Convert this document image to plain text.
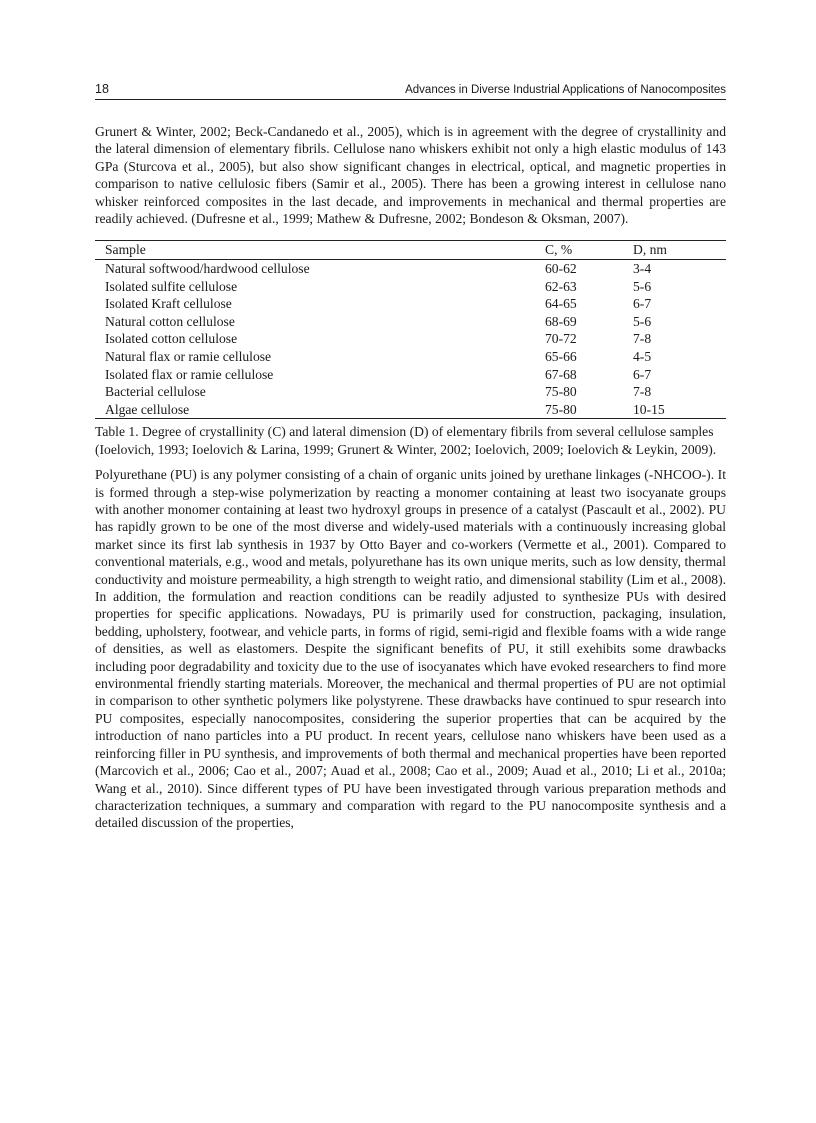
18	Advances in Diverse Industrial Applications of Nanocomposites

Grunert & Winter, 2002; Beck-Candanedo et al., 2005), which is in agreement with the degree of crystallinity and the lateral dimension of elementary fibrils. Cellulose nano whiskers exhibit not only a high elastic modulus of 143 GPa (Sturcova et al., 2005), but also show significant changes in electrical, optical, and magnetic properties in comparison to native cellulosic fibers (Samir et al., 2005). There has been a growing interest in cellulose nano whisker reinforced composites in the last decade, and improvements in mechanical and thermal properties are readily achieved. (Dufresne et al., 1999; Mathew & Dufresne, 2002; Bondeson & Oksman, 2007).

Sample	C, %	D, nm
Natural softwood/hardwood cellulose	60-62	3-4
Isolated sulfite cellulose	62-63	5-6
Isolated Kraft cellulose	64-65	6-7
Natural cotton cellulose	68-69	5-6
Isolated cotton cellulose	70-72	7-8
Natural flax or ramie cellulose	65-66	4-5
Isolated flax or ramie cellulose	67-68	6-7
Bacterial cellulose	75-80	7-8
Algae cellulose	75-80	10-15
Table 1. Degree of crystallinity (C) and lateral dimension (D) of elementary fibrils from several cellulose samples (Ioelovich, 1993; Ioelovich & Larina, 1999; Grunert & Winter, 2002; Ioelovich, 2009; Ioelovich & Leykin, 2009).

Polyurethane (PU) is any polymer consisting of a chain of organic units joined by urethane linkages (-NHCOO-). It is formed through a step-wise polymerization by reacting a monomer containing at least two isocyanate groups with another monomer containing at least two hydroxyl groups in presence of a catalyst (Pascault et al., 2002). PU has rapidly grown to be one of the most diverse and widely-used materials with a continuously increasing global market since its first lab synthesis in 1937 by Otto Bayer and co-workers (Vermette et al., 2001). Compared to conventional materials, e.g., wood and metals, polyurethane has its own unique merits, such as low density, thermal conductivity and moisture permeability, a high strength to weight ratio, and dimensional stability (Lim et al., 2008). In addition, the formulation and reaction conditions can be readily adjusted to synthesize PUs with desired properties for specific applications. Nowadays, PU is primarily used for construction, packaging, insulation, bedding, upholstery, footwear, and vehicle parts, in forms of rigid, semi-rigid and flexible foams with a wide range of densities, as well as elastomers. Despite the significant benefits of PU, it still exehibits some drawbacks including poor degradability and toxicity due to the use of isocyanates which have evoked researchers to find more environmental friendly starting materials. Moreover, the mechanical and thermal properties of PU are not optimial in comparison to other synthetic polymers like polystyrene. These drawbacks have continued to spur research into PU composites, especially nanocomposites, considering the superior properties that can be acquired by the introduction of nano particles into a PU product. In recent years, cellulose nano whiskers have been used as a reinforcing filler in PU synthesis, and improvements of both thermal and mechanical properties have been reported (Marcovich et al., 2006; Cao et al., 2007; Auad et al., 2008; Cao et al., 2009; Auad et al., 2010; Li et al., 2010a; Wang et al., 2010). Since different types of PU have been investigated through various preparation methods and characterization techniques, a summary and comparation with regard to the PU nanocomposite synthesis and a detailed discussion of the properties,
